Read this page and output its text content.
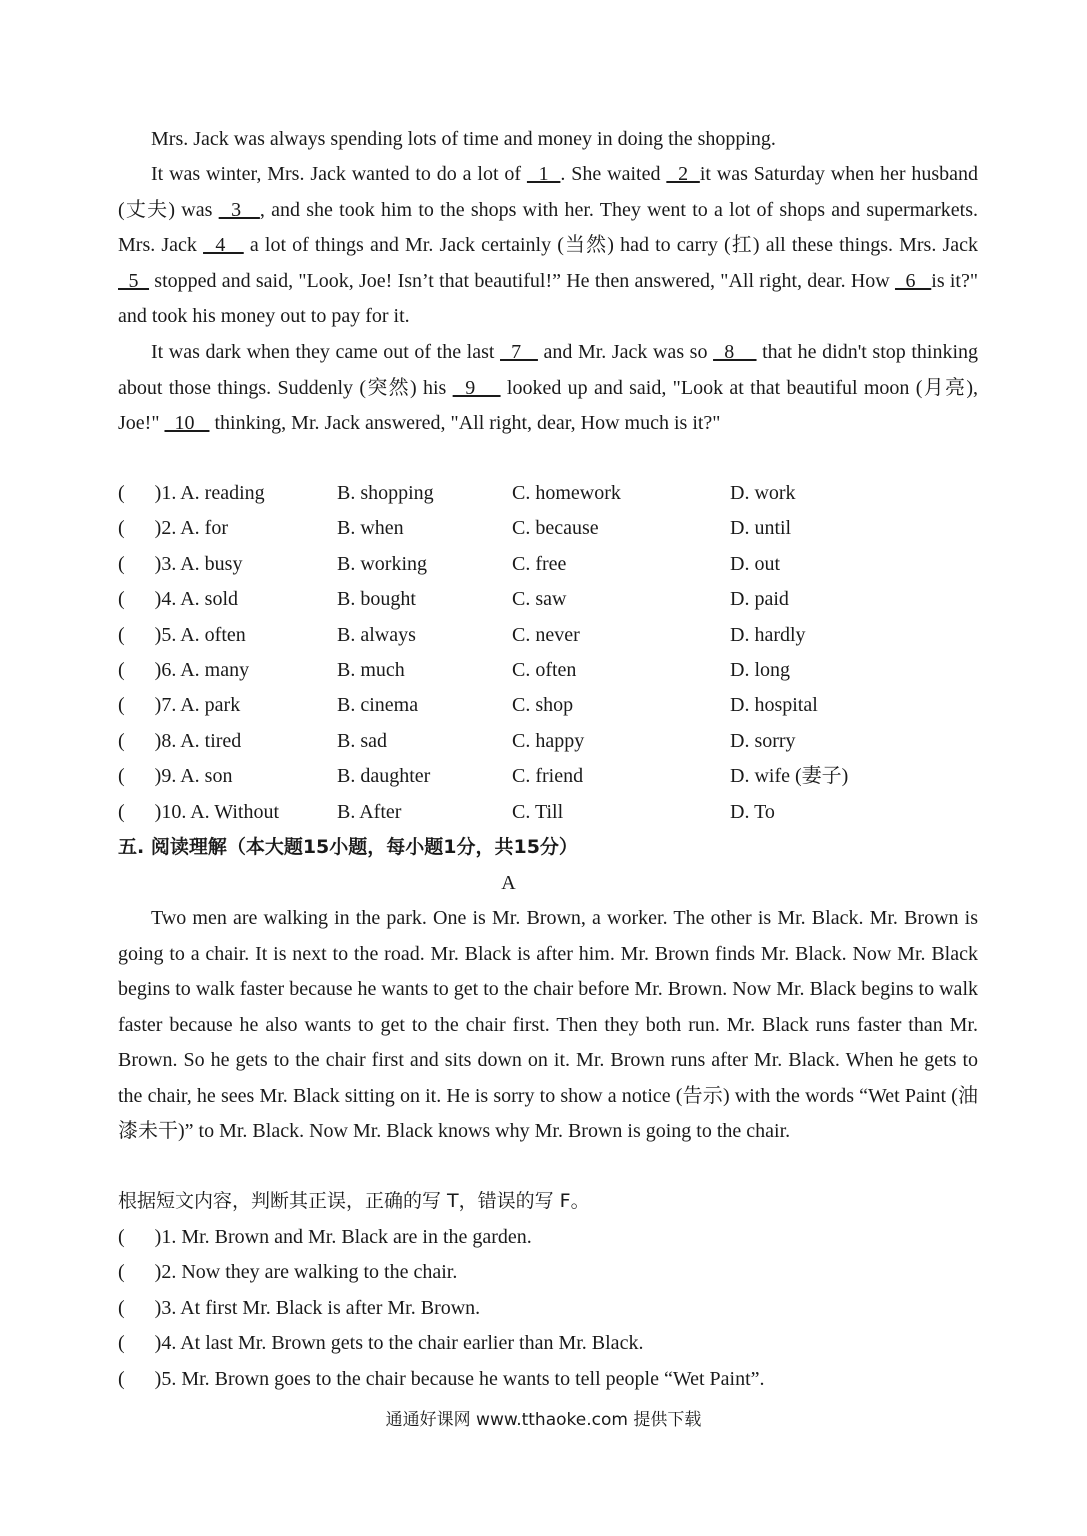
Mrs. Jack was always spending lots of time and money in doing the shopping.
It was winter, Mrs. Jack wanted to do a lot of   1  . She waited   2  it was Saturday when her husband (丈夫) was   3   , and she took him to the shops with her. They went to a lot of shops and supermarkets. Mrs. Jack   4    a lot of things and Mr. Jack certainly (当然) had to carry (扛) all these things. Mrs. Jack   5   stopped and said, "Look, Joe! Isn’t that beautiful!” He then answered, "All right, dear. How   6   is it?" and took his money out to pay for it.
It was dark when they came out of the last   7    and Mr. Jack was so   8     that he didn't stop thinking about those things. Suddenly (突然) his   9     looked up and said, "Look at that beautiful moon (月亮), Joe!"   10    thinking, Mr. Jack answered, "All right, dear, How much is it?"
(      )1. A. reading	B. shopping	C. homework	D. work
(      )2. A. for	B. when	C. because	D. until
(      )3. A. busy	B. working	C. free	D. out
(      )4. A. sold	B. bought	C. saw	D. paid
(      )5. A. often	B. always	C. never	D. hardly
(      )6. A. many	B. much	C. often	D. long
(      )7. A. park	B. cinema	C. shop	D. hospital
(      )8. A. tired	B. sad	C. happy	D. sorry
(      )9. A. son	B. daughter	C. friend	D. wife (妻子)
(      )10. A. Without	B. After	C. Till	D. To
五. 阅读理解（本大题15小题，每小题1分，共15分）
A
Two men are walking in the park. One is Mr. Brown, a worker. The other is Mr. Black. Mr. Brown is going to a chair. It is next to the road. Mr. Black is after him. Mr. Brown finds Mr. Black. Now Mr. Black begins to walk faster because he wants to get to the chair before Mr. Brown. Now Mr. Black begins to walk faster because he also wants to get to the chair first. Then they both run. Mr. Black runs faster than Mr. Brown. So he gets to the chair first and sits down on it. Mr. Brown runs after Mr. Black. When he gets to the chair, he sees Mr. Black sitting on it. He is sorry to show a notice (告示) with the words “Wet Paint (油漆未干)” to Mr. Black. Now Mr. Black knows why Mr. Brown is going to the chair.
根据短文内容，判断其正误，正确的写 T，错误的写 F。
(      )1. Mr. Brown and Mr. Black are in the garden.
(      )2. Now they are walking to the chair.
(      )3. At first Mr. Black is after Mr. Brown.
(      )4. At last Mr. Brown gets to the chair earlier than Mr. Black.
(      )5. Mr. Brown goes to the chair because he wants to tell people “Wet Paint”.
通通好课网 www.tthaoke.com 提供下载
